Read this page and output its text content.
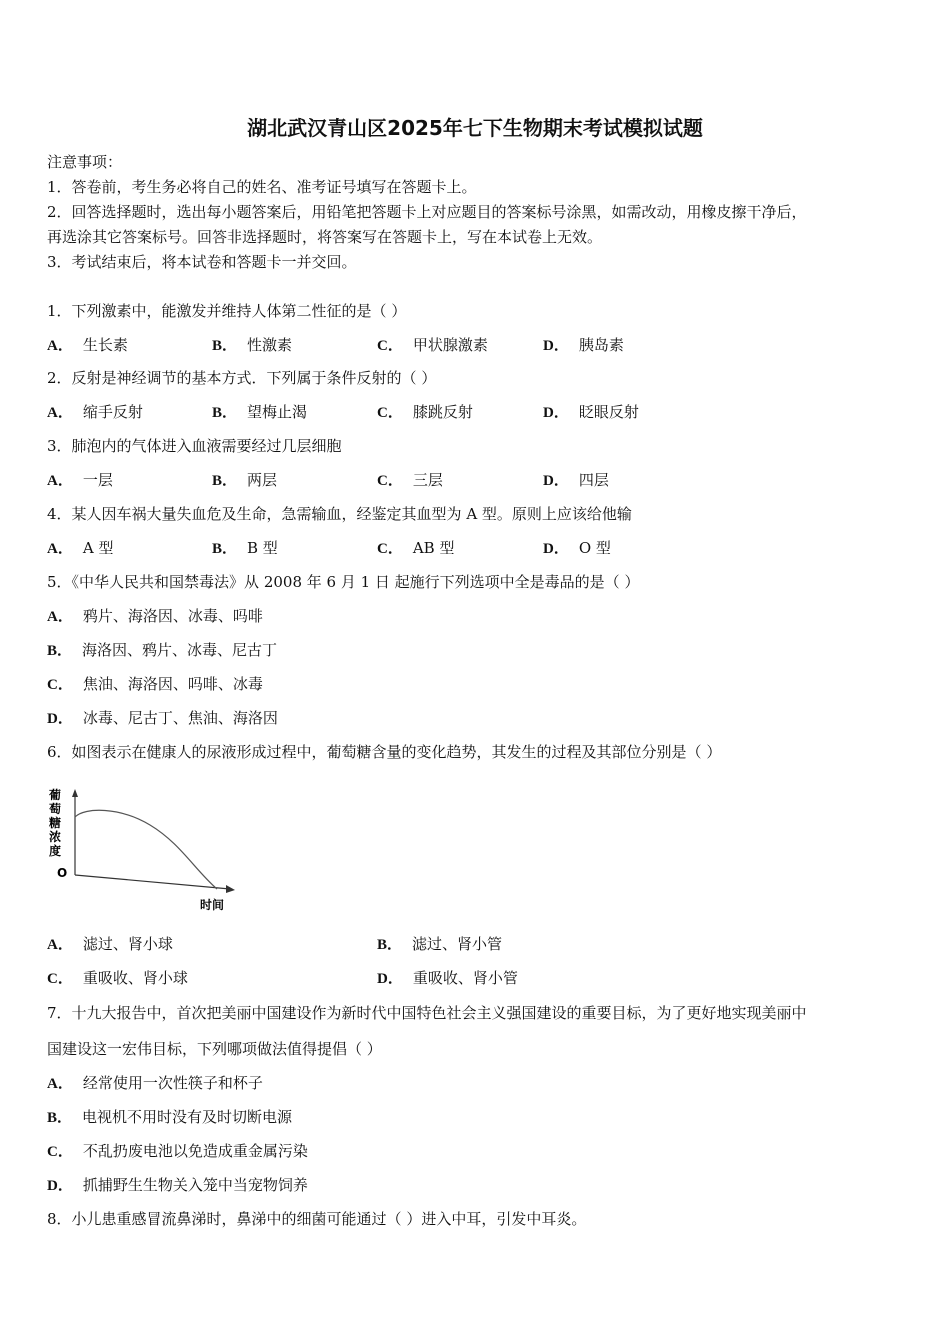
湖北武汉青山区2025年七下生物期末考试模拟试题
注意事项：
1．答卷前，考生务必将自己的姓名、准考证号填写在答题卡上。
2．回答选择题时，选出每小题答案后，用铅笔把答题卡上对应题目的答案标号涂黑，如需改动，用橡皮擦干净后，
再选涂其它答案标号。回答非选择题时，将答案写在答题卡上，写在本试卷上无效。
3．考试结束后，将本试卷和答题卡一并交回。
1．下列激素中，能激发并维持人体第二性征的是（ ）
A． 生长素	B． 性激素	C． 甲状腺激素	D． 胰岛素
2．反射是神经调节的基本方式．下列属于条件反射的（ ）
A． 缩手反射	B． 望梅止渴	C． 膝跳反射	D． 眨眼反射
3．肺泡内的气体进入血液需要经过几层细胞
A． 一层	B． 两层	C． 三层	D． 四层
4．某人因车祸大量失血危及生命，急需输血，经鉴定其血型为 A 型。原则上应该给他输
A． A 型	B． B 型	C． AB 型	D． O 型
5．《中华人民共和国禁毒法》从 2008 年 6 月 1 日 起施行下列选项中全是毒品的是（ ）
A． 鸦片、海洛因、冰毒、吗啡
B． 海洛因、鸦片、冰毒、尼古丁
C． 焦油、海洛因、吗啡、冰毒
D． 冰毒、尼古丁、焦油、海洛因
6．如图表示在健康人的尿液形成过程中，葡萄糖含量的变化趋势，其发生的过程及其部位分别是（ ）
葡
萄
糖
浓
度
O
时间
A． 滤过、肾小球	B． 滤过、肾小管
C． 重吸收、肾小球	D． 重吸收、肾小管
7．十九大报告中，首次把美丽中国建设作为新时代中国特色社会主义强国建设的重要目标，为了更好地实现美丽中
国建设这一宏伟目标，下列哪项做法值得提倡（ ）
A． 经常使用一次性筷子和杯子
B． 电视机不用时没有及时切断电源
C． 不乱扔废电池以免造成重金属污染
D． 抓捕野生生物关入笼中当宠物饲养
8．小儿患重感冒流鼻涕时，鼻涕中的细菌可能通过（ ）进入中耳，引发中耳炎。
